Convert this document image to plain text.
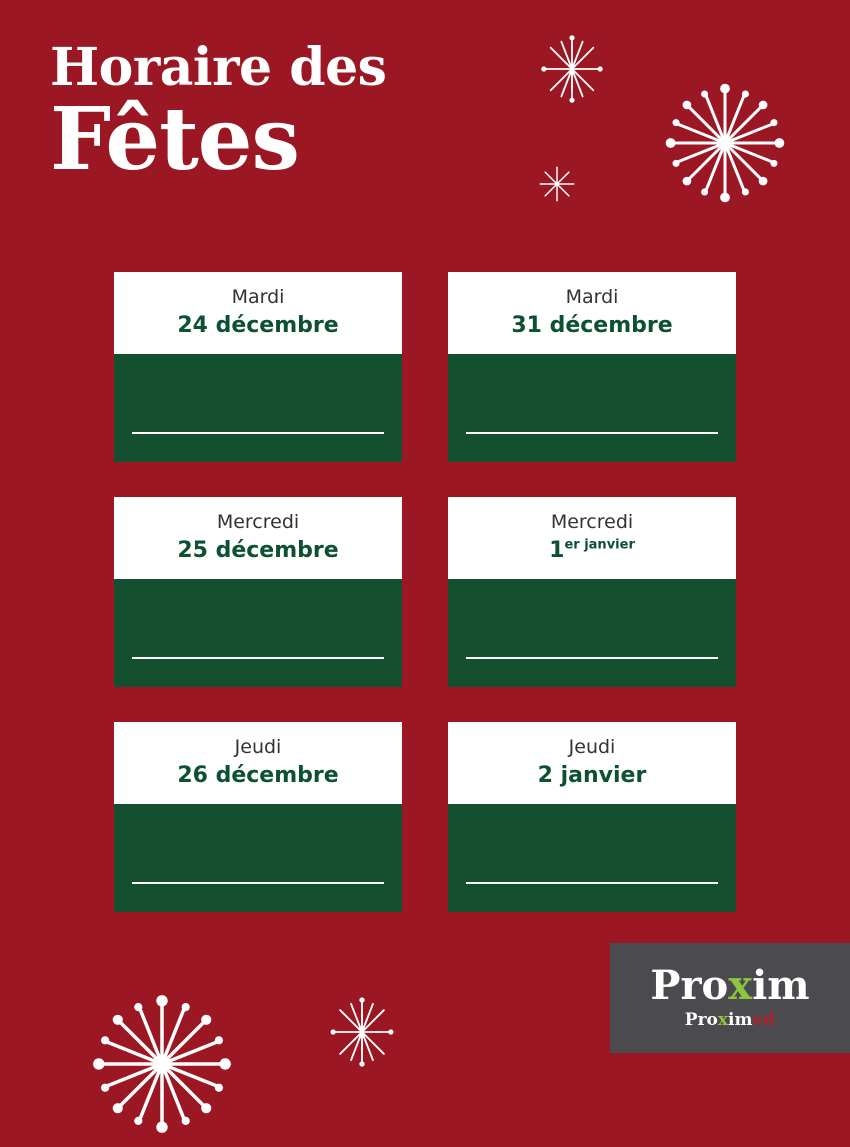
Horaire des
Fêtes
Mardi
24 décembre
Mardi
31 décembre
Mercredi
25 décembre
Mercredi
$1^{er janvier}$
Jeudi
26 décembre
Jeudi
2 janvier
Proxim
Proximed
